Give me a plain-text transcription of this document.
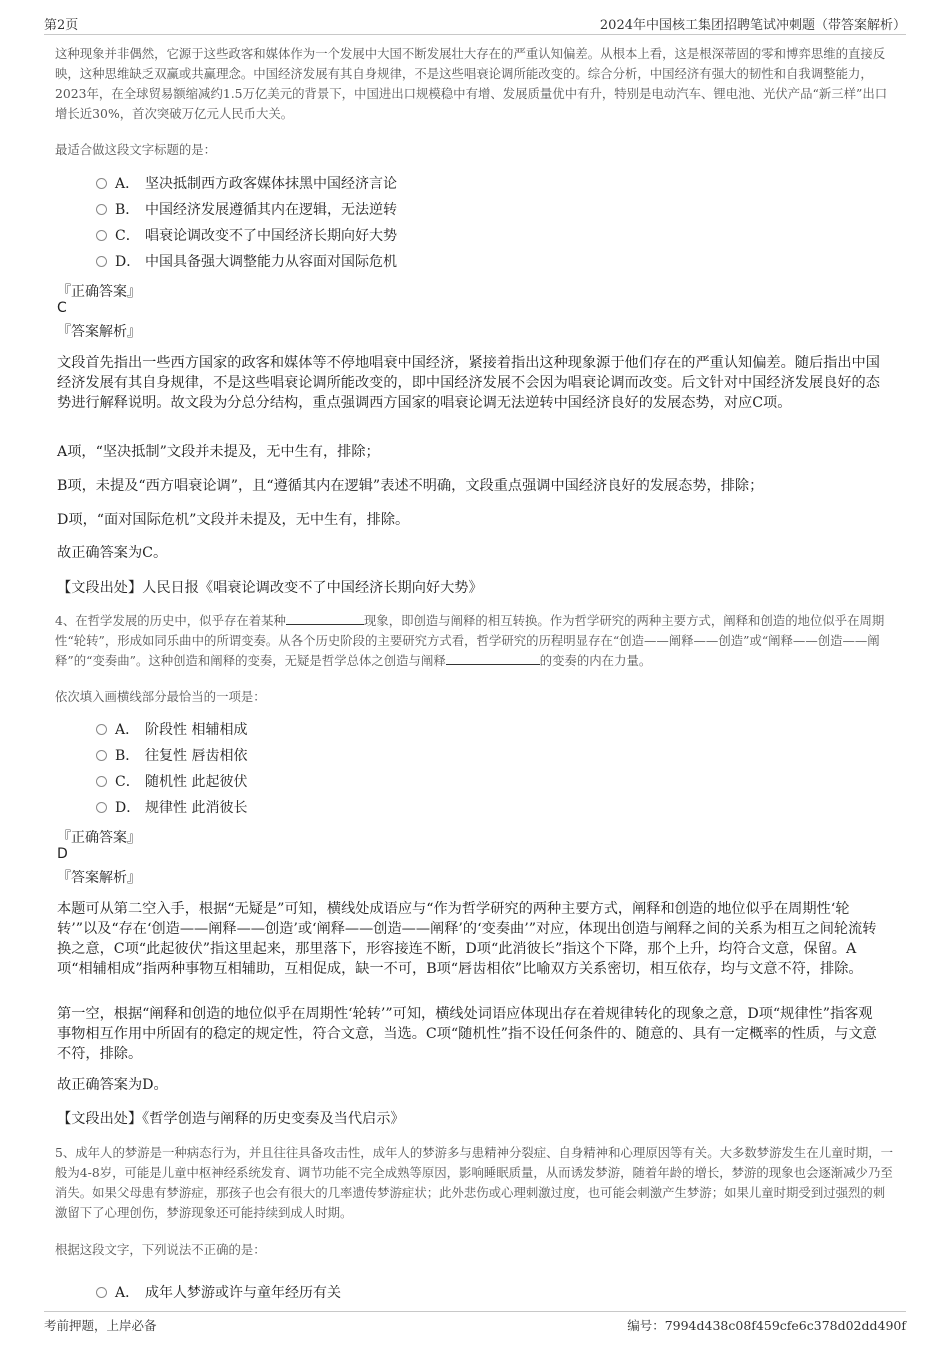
第2页	2024年中国核工集团招聘笔试冲刺题（带答案解析）
这种现象并非偶然，它源于这些政客和媒体作为一个发展中大国不断发展壮大存在的严重认知偏差。从根本上看，这是根深蒂固的零和博弈思维的直接反映，这种思维缺乏双赢或共赢理念。中国经济发展有其自身规律，不是这些唱衰论调所能改变的。综合分析，中国经济有强大的韧性和自我调整能力，2023年，在全球贸易额缩减约1.5万亿美元的背景下，中国进出口规模稳中有增、发展质量优中有升，特别是电动汽车、锂电池、光伏产品“新三样”出口增长近30%，首次突破万亿元人民币大关。
最适合做这段文字标题的是：
A． 坚决抵制西方政客媒体抹黑中国经济言论
B． 中国经济发展遵循其内在逻辑，无法逆转
C． 唱衰论调改变不了中国经济长期向好大势
D． 中国具备强大调整能力从容面对国际危机
『正确答案』
C
『答案解析』
文段首先指出一些西方国家的政客和媒体等不停地唱衰中国经济，紧接着指出这种现象源于他们存在的严重认知偏差。随后指出中国经济发展有其自身规律，不是这些唱衰论调所能改变的，即中国经济发展不会因为唱衰论调而改变。后文针对中国经济发展良好的态势进行解释说明。故文段为分总分结构，重点强调西方国家的唱衰论调无法逆转中国经济良好的发展态势，对应C项。
A项，“坚决抵制”文段并未提及，无中生有，排除；
B项，未提及“西方唱衰论调”，且“遵循其内在逻辑”表述不明确，文段重点强调中国经济良好的发展态势，排除；
D项，“面对国际危机”文段并未提及，无中生有，排除。
故正确答案为C。
【文段出处】人民日报《唱衰论调改变不了中国经济长期向好大势》
4、在哲学发展的历史中，似乎存在着某种	现象，即创造与阐释的相互转换。作为哲学研究的两种主要方式，阐释和创造的地位似乎在周期性“轮转”，形成如同乐曲中的所谓变奏。从各个历史阶段的主要研究方式看，哲学研究的历程明显存在“创造——阐释——创造”或“阐释——创造——阐释”的“变奏曲”。这种创造和阐释的变奏，无疑是哲学总体之创造与阐释	的变奏的内在力量。
依次填入画横线部分最恰当的一项是：
A． 阶段性 相辅相成
B． 往复性 唇齿相依
C． 随机性 此起彼伏
D． 规律性 此消彼长
『正确答案』
D
『答案解析』
本题可从第二空入手，根据“无疑是”可知，横线处成语应与“作为哲学研究的两种主要方式，阐释和创造的地位似乎在周期性‘轮转’”以及“存在‘创造——阐释——创造’或‘阐释——创造——阐释’的‘变奏曲’”对应，体现出创造与阐释之间的关系为相互之间轮流转换之意，C项“此起彼伏”指这里起来，那里落下，形容接连不断，D项“此消彼长”指这个下降，那个上升，均符合文意，保留。A项“相辅相成”指两种事物互相辅助，互相促成，缺一不可，B项“唇齿相依”比喻双方关系密切，相互依存，均与文意不符，排除。
第一空，根据“阐释和创造的地位似乎在周期性‘轮转’”可知，横线处词语应体现出存在着规律转化的现象之意，D项“规律性”指客观事物相互作用中所固有的稳定的规定性，符合文意，当选。C项“随机性”指不设任何条件的、随意的、具有一定概率的性质，与文意不符，排除。
故正确答案为D。
【文段出处】《哲学创造与阐释的历史变奏及当代启示》
5、成年人的梦游是一种病态行为，并且往往具备攻击性，成年人的梦游多与患精神分裂症、自身精神和心理原因等有关。大多数梦游发生在儿童时期，一般为4-8岁，可能是儿童中枢神经系统发育、调节功能不完全成熟等原因，影响睡眠质量，从而诱发梦游，随着年龄的增长，梦游的现象也会逐渐减少乃至消失。如果父母患有梦游症，那孩子也会有很大的几率遗传梦游症状；此外悲伤或心理刺激过度，也可能会刺激产生梦游；如果儿童时期受到过强烈的刺激留下了心理创伤，梦游现象还可能持续到成人时期。
根据这段文字，下列说法不正确的是：
A． 成年人梦游或许与童年经历有关
考前押题，上岸必备	编号：7994d438c08f459cfe6c378d02dd490f
